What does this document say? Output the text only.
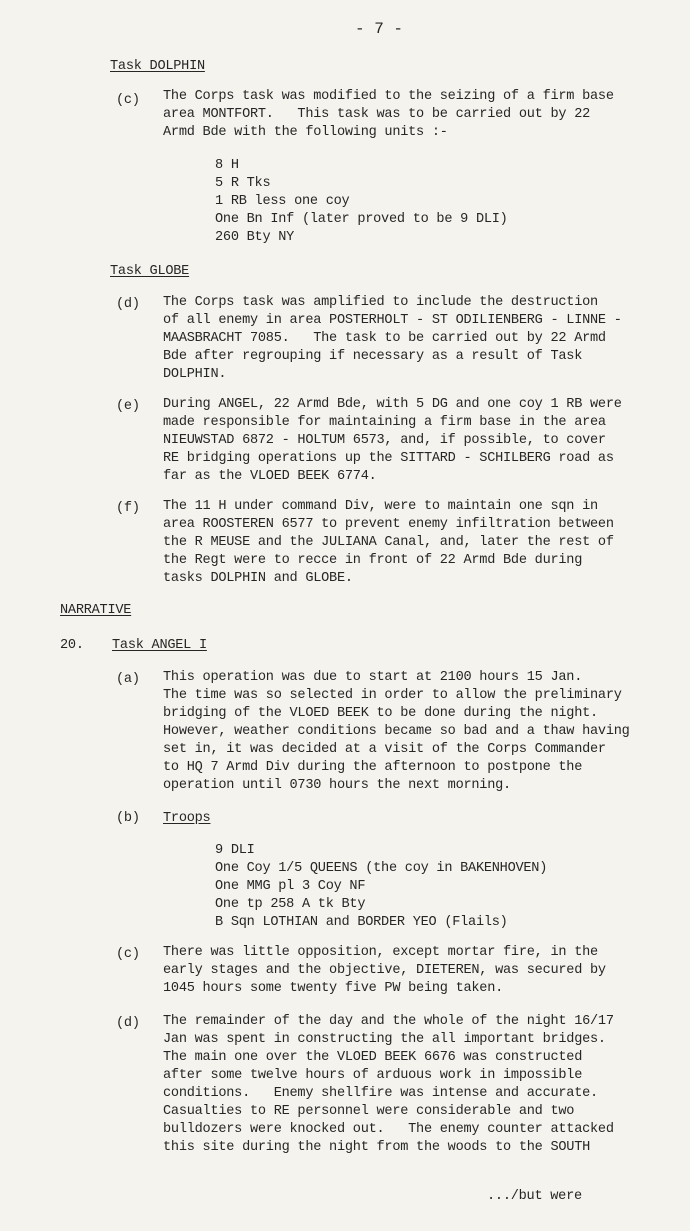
- 7 -
Task DOLPHIN
(c) The Corps task was modified to the seizing of a firm base
area MONTFORT.   This task was to be carried out by 22
Armd Bde with the following units :-
8 H
5 R Tks
1 RB less one coy
One Bn Inf (later proved to be 9 DLI)
260 Bty NY
Task GLOBE
(d) The Corps task was amplified to include the destruction
of all enemy in area POSTERHOLT - ST ODILIENBERG - LINNE -
MAASBRACHT 7085.   The task to be carried out by 22 Armd
Bde after regrouping if necessary as a result of Task
DOLPHIN.
(e) During ANGEL, 22 Armd Bde, with 5 DG and one coy 1 RB were
made responsible for maintaining a firm base in the area
NIEUWSTAD 6872 - HOLTUM 6573, and, if possible, to cover
RE bridging operations up the SITTARD - SCHILBERG road as
far as the VLOED BEEK 6774.
(f) The 11 H under command Div, were to maintain one sqn in
area ROOSTEREN 6577 to prevent enemy infiltration between
the R MEUSE and the JULIANA Canal, and, later the rest of
the Regt were to recce in front of 22 Armd Bde during
tasks DOLPHIN and GLOBE.
NARRATIVE
20. Task ANGEL I
(a) This operation was due to start at 2100 hours 15 Jan.
The time was so selected in order to allow the preliminary
bridging of the VLOED BEEK to be done during the night.
However, weather conditions became so bad and a thaw having
set in, it was decided at a visit of the Corps Commander
to HQ 7 Armd Div during the afternoon to postpone the
operation until 0730 hours the next morning.
(b) Troops
9 DLI
One Coy 1/5 QUEENS (the coy in BAKENHOVEN)
One MMG pl 3 Coy NF
One tp 258 A tk Bty
B Sqn LOTHIAN and BORDER YEO (Flails)
(c) There was little opposition, except mortar fire, in the
early stages and the objective, DIETEREN, was secured by
1045 hours some twenty five PW being taken.
(d) The remainder of the day and the whole of the night 16/17
Jan was spent in constructing the all important bridges.
The main one over the VLOED BEEK 6676 was constructed
after some twelve hours of arduous work in impossible
conditions.   Enemy shellfire was intense and accurate.
Casualties to RE personnel were considerable and two
bulldozers were knocked out.   The enemy counter attacked
this site during the night from the woods to the SOUTH
.../but were
